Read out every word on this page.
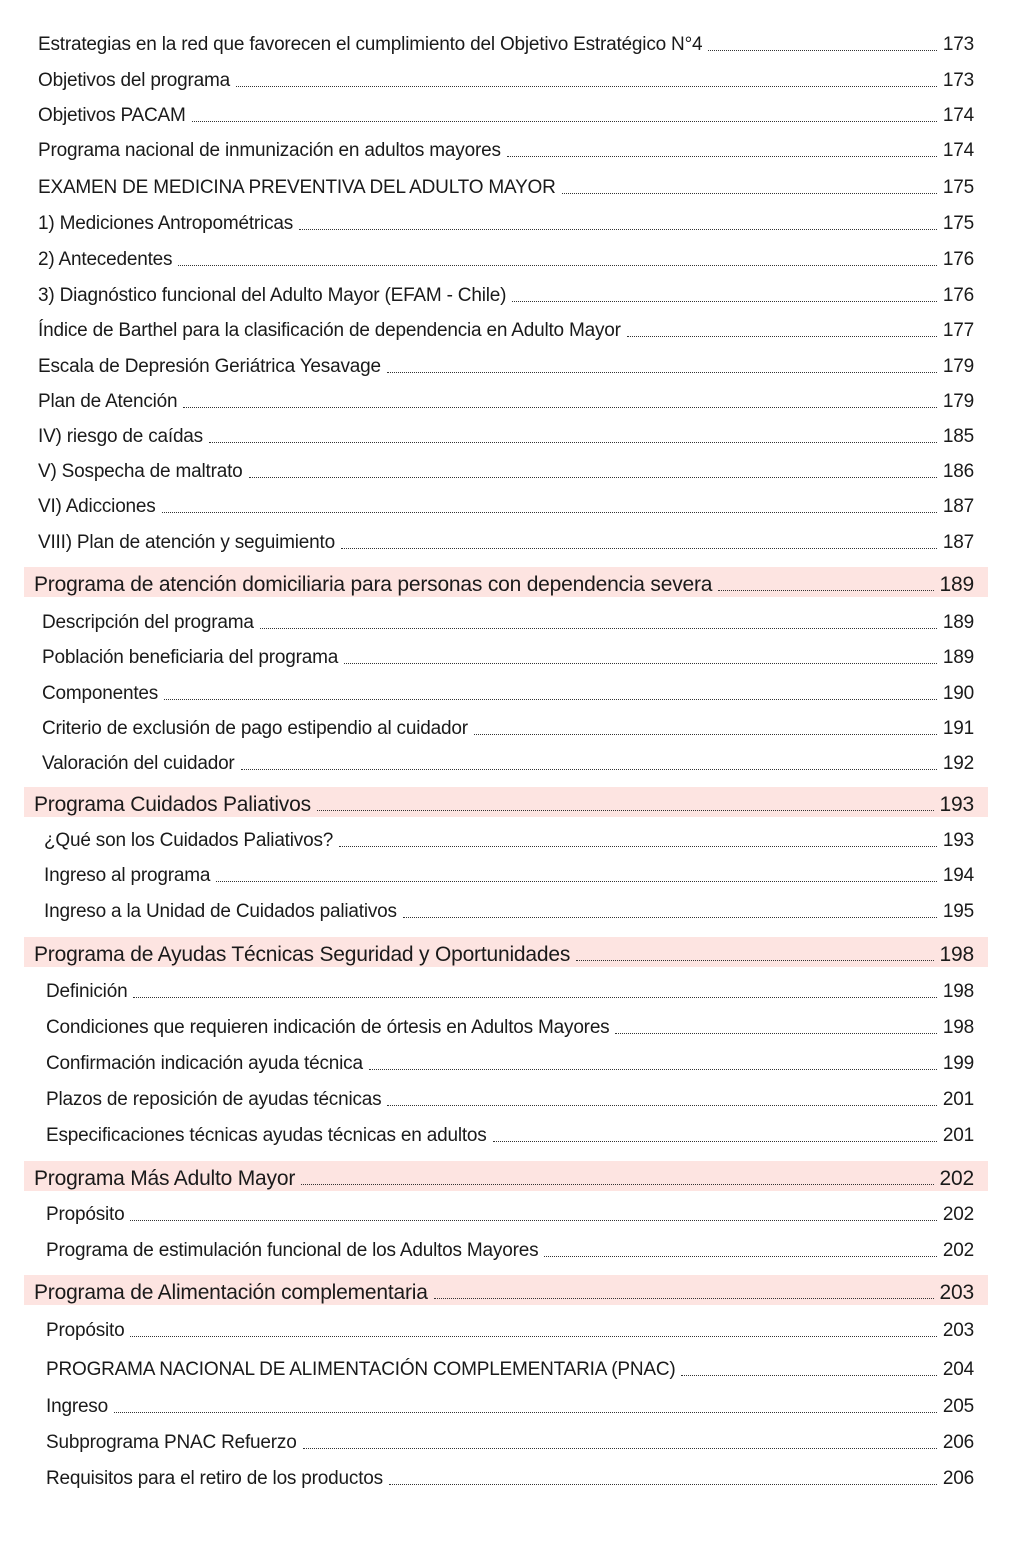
Estrategias en la red que favorecen el cumplimiento del Objetivo Estratégico N°4	173
Objetivos del programa	173
Objetivos PACAM	174
Programa nacional de inmunización en adultos mayores	174
EXAMEN DE MEDICINA PREVENTIVA DEL ADULTO MAYOR	175
1) Mediciones Antropométricas	175
2) Antecedentes	176
3) Diagnóstico funcional del Adulto Mayor (EFAM - Chile)	176
Índice de Barthel para la clasificación de dependencia en Adulto Mayor	177
Escala de Depresión Geriátrica Yesavage	179
Plan de Atención	179
IV) riesgo de caídas	185
V) Sospecha de maltrato	186
VI) Adicciones	187
VIII) Plan de atención y seguimiento	187
Programa de atención domiciliaria para personas con dependencia severa	189
Descripción del programa	189
Población beneficiaria del programa	189
Componentes	190
Criterio de exclusión de pago estipendio al cuidador	191
Valoración del cuidador	192
Programa Cuidados Paliativos	193
¿Qué son los Cuidados Paliativos?	193
Ingreso al programa	194
Ingreso a la Unidad de Cuidados paliativos	195
Programa de Ayudas Técnicas Seguridad y Oportunidades	198
Definición	198
Condiciones que requieren indicación de órtesis en Adultos Mayores	198
Confirmación indicación ayuda técnica	199
Plazos de reposición de ayudas técnicas	201
Especificaciones técnicas ayudas técnicas en adultos	201
Programa Más Adulto Mayor	202
Propósito	202
Programa de estimulación funcional de los Adultos Mayores	202
Programa de Alimentación complementaria	203
Propósito	203
PROGRAMA NACIONAL DE ALIMENTACIÓN COMPLEMENTARIA (PNAC)	204
Ingreso	205
Subprograma PNAC Refuerzo	206
Requisitos para el retiro de los productos	206
